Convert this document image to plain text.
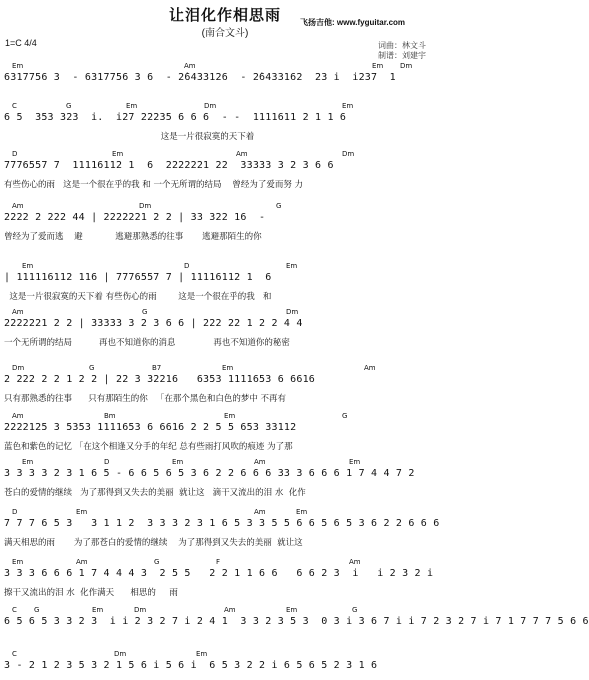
让泪化作相思雨
(南合文斗)
飞扬吉他: www.fyguitar.com
1=C 4/4	词曲：林文斗
制谱：刘建宇
Em	Am	Em Dm
6317756 3  - 6317756 3 6  - 2̇6433126  - 2̇6433162  23 i  i237  1
C	G	Em	Dm	Em
6 5  353 323  i.  i27 22235 6 6 6  - -  1111611 2 1 1 6
这是一片很寂寞的天下着
D	Em	Am	Dm
7776557 7  11116112 1  6  2222221 22  33333 3 2 3 6 6
有些伤心的雨   这是一个很在乎的我 和 一个无所谓的结局    曾经为了爱而努 力
Am	Dm	G
2222 2 222 44 | 2222221 2 2 | 33 322 16  -
曾经为了爱而逃    避            逃避那熟悉的往事       逃避那陌生的你
Em	D	Em
| 111116112 116 | 7776557 7 | 11116112 1  6
这是一片很寂寞的天下着 有些伤心的雨        这是一个很在乎的我   和
Am	G	Dm
2222221 2 2 | 33333 3 2 3 6 6 | 222 22 1 2 2 4 4
一个无所谓的结局          再也不知道你的消息              再也不知道你的秘密
Dm	G	B7	Em	Am
2 222 2 2 1 2 2 | 22 3 32216   6353 1111653 6 6616
只有那熟悉的往事      只有那陌生的你   「在那个黑色和白色的梦中 不再有
Am	Bm	Em	G
2222125 3 5353 1111653 6 6616 2 2 5 5 653 33112
蓝色和紫色的记忆 「在这个相逢又分手的年纪 总有些雨打风吹的痕迹 为了那
Em	D	Em	Am	Em
3 3 3 3 2 3 1 6 5 - 6 6 5 6 5 3 6 2 2 6 6 6 33 3 6 6 6 1 7 4 4 7 2
苍白的爱情的继续   为了那得到又失去的美丽  就让这   滴干又流出的泪 水  化作
D	Em	Am	Em
7 7 7 6 5 3   3 1 1 2  3 3 3 2 3 1 6 5 3 3 5 5 6 6 5 6 5 3 6 2 2 6 6 6
满天相思的雨       为了那苍白的爱情的继续    为了那得到又失去的美丽  就让这
Em	Am	G	F	Am
3 3 3 6 6 6 1 7 4 4 4 3  2 5 5   2 2 1 1 6 6   6 6 2 3  i   i 2 3 2 i
擦干又流出的泪 水  化作满天      相思的     雨
C G	Em	Dm	Am	Em	G
6 5 6 5 3 3 2 3  i i 2 3 2 7 i 2 4 1  3 3 2 3 5 3  0 3 i 3 6 7 i i 7 2 3 2 7 i 7 1 7 7 7 5 6 6
C	Dm	Em
3 - 2 1 2 3 5 3 2 1 5 6 i 5 6 i  6 5 3 2 2 i 6 5 6 5 2 3 1 6
